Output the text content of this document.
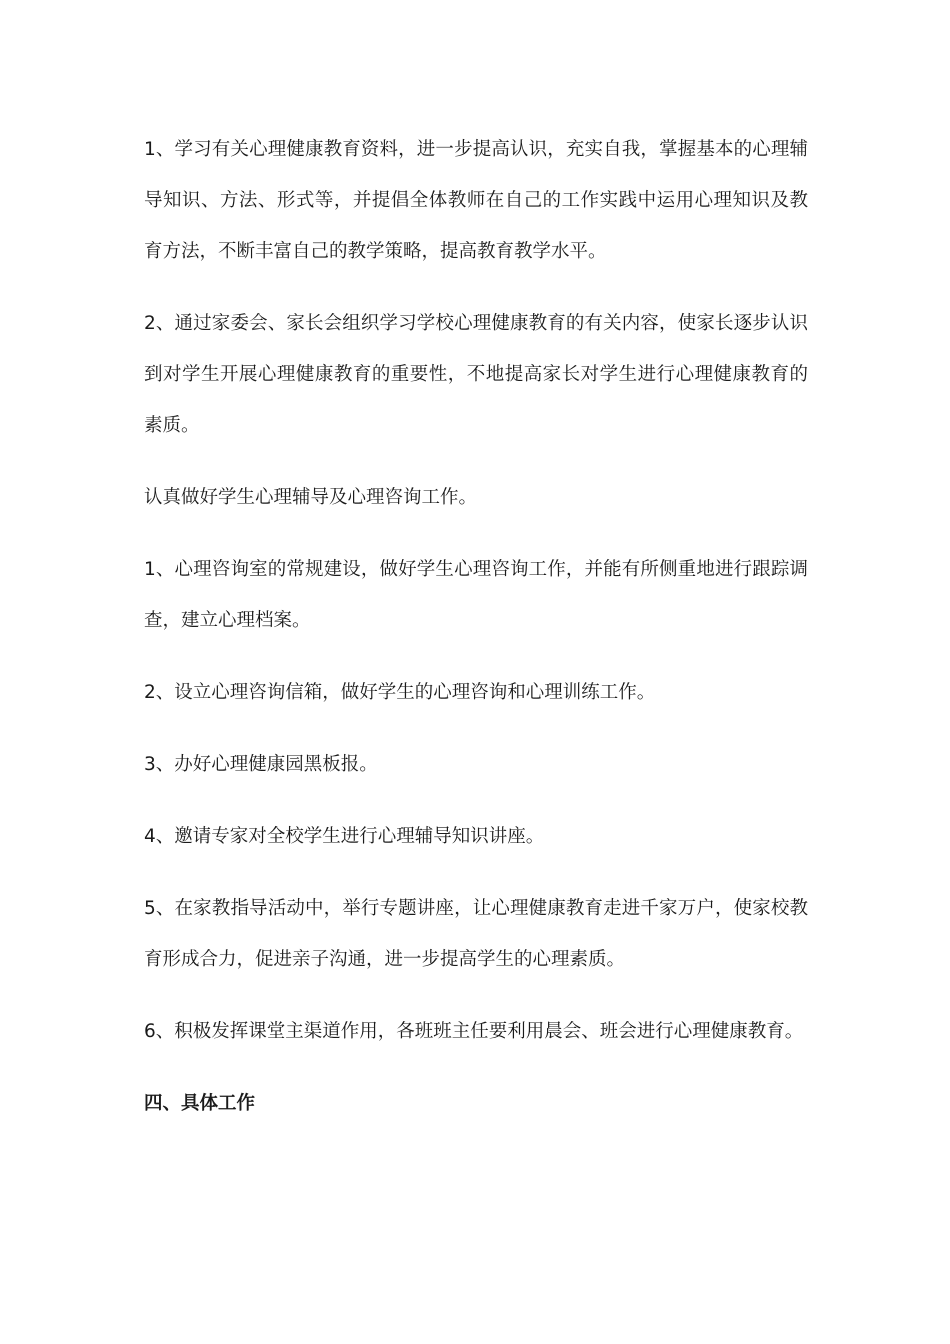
1、学习有关心理健康教育资料，进一步提高认识，充实自我，掌握基本的心理辅导知识、方法、形式等，并提倡全体教师在自己的工作实践中运用心理知识及教育方法，不断丰富自己的教学策略，提高教育教学水平。

2、通过家委会、家长会组织学习学校心理健康教育的有关内容，使家长逐步认识到对学生开展心理健康教育的重要性，不地提高家长对学生进行心理健康教育的素质。

认真做好学生心理辅导及心理咨询工作。

1、心理咨询室的常规建设，做好学生心理咨询工作，并能有所侧重地进行跟踪调查，建立心理档案。

2、设立心理咨询信箱，做好学生的心理咨询和心理训练工作。

3、办好心理健康园黑板报。

4、邀请专家对全校学生进行心理辅导知识讲座。

5、在家教指导活动中，举行专题讲座，让心理健康教育走进千家万户，使家校教育形成合力，促进亲子沟通，进一步提高学生的心理素质。

6、积极发挥课堂主渠道作用，各班班主任要利用晨会、班会进行心理健康教育。

四、具体工作
